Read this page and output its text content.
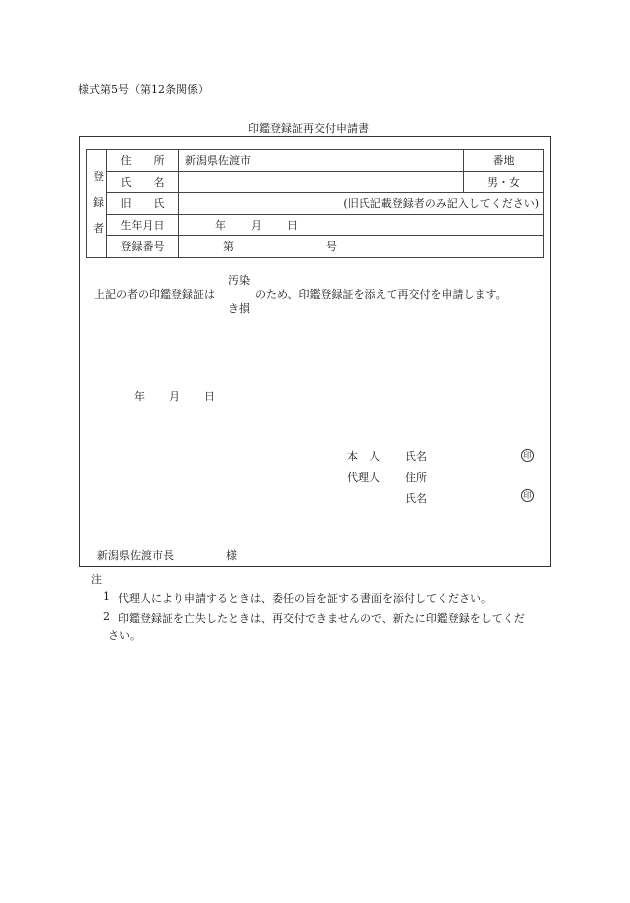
様式第5号（第12条関係）
印鑑登録証再交付申請書
登
録
者	住　　所	新潟県佐渡市	番地
	氏　　名		男・女
	旧　　氏	(旧氏記載登録者のみ記入してください)	
	生年月日	年 月 日	
	登録番号	第 号	
汚染
上記の者の印鑑登録証は	のため、印鑑登録証を添えて再交付を申請します。
き損
年 月 日
本　人 氏名	印
代理人 住所
氏名	印
新潟県佐渡市長	様
注
1 代理人により申請するときは、委任の旨を証する書面を添付してください。
2 印鑑登録証を亡失したときは、再交付できませんので、新たに印鑑登録をしてくだ
さい。
